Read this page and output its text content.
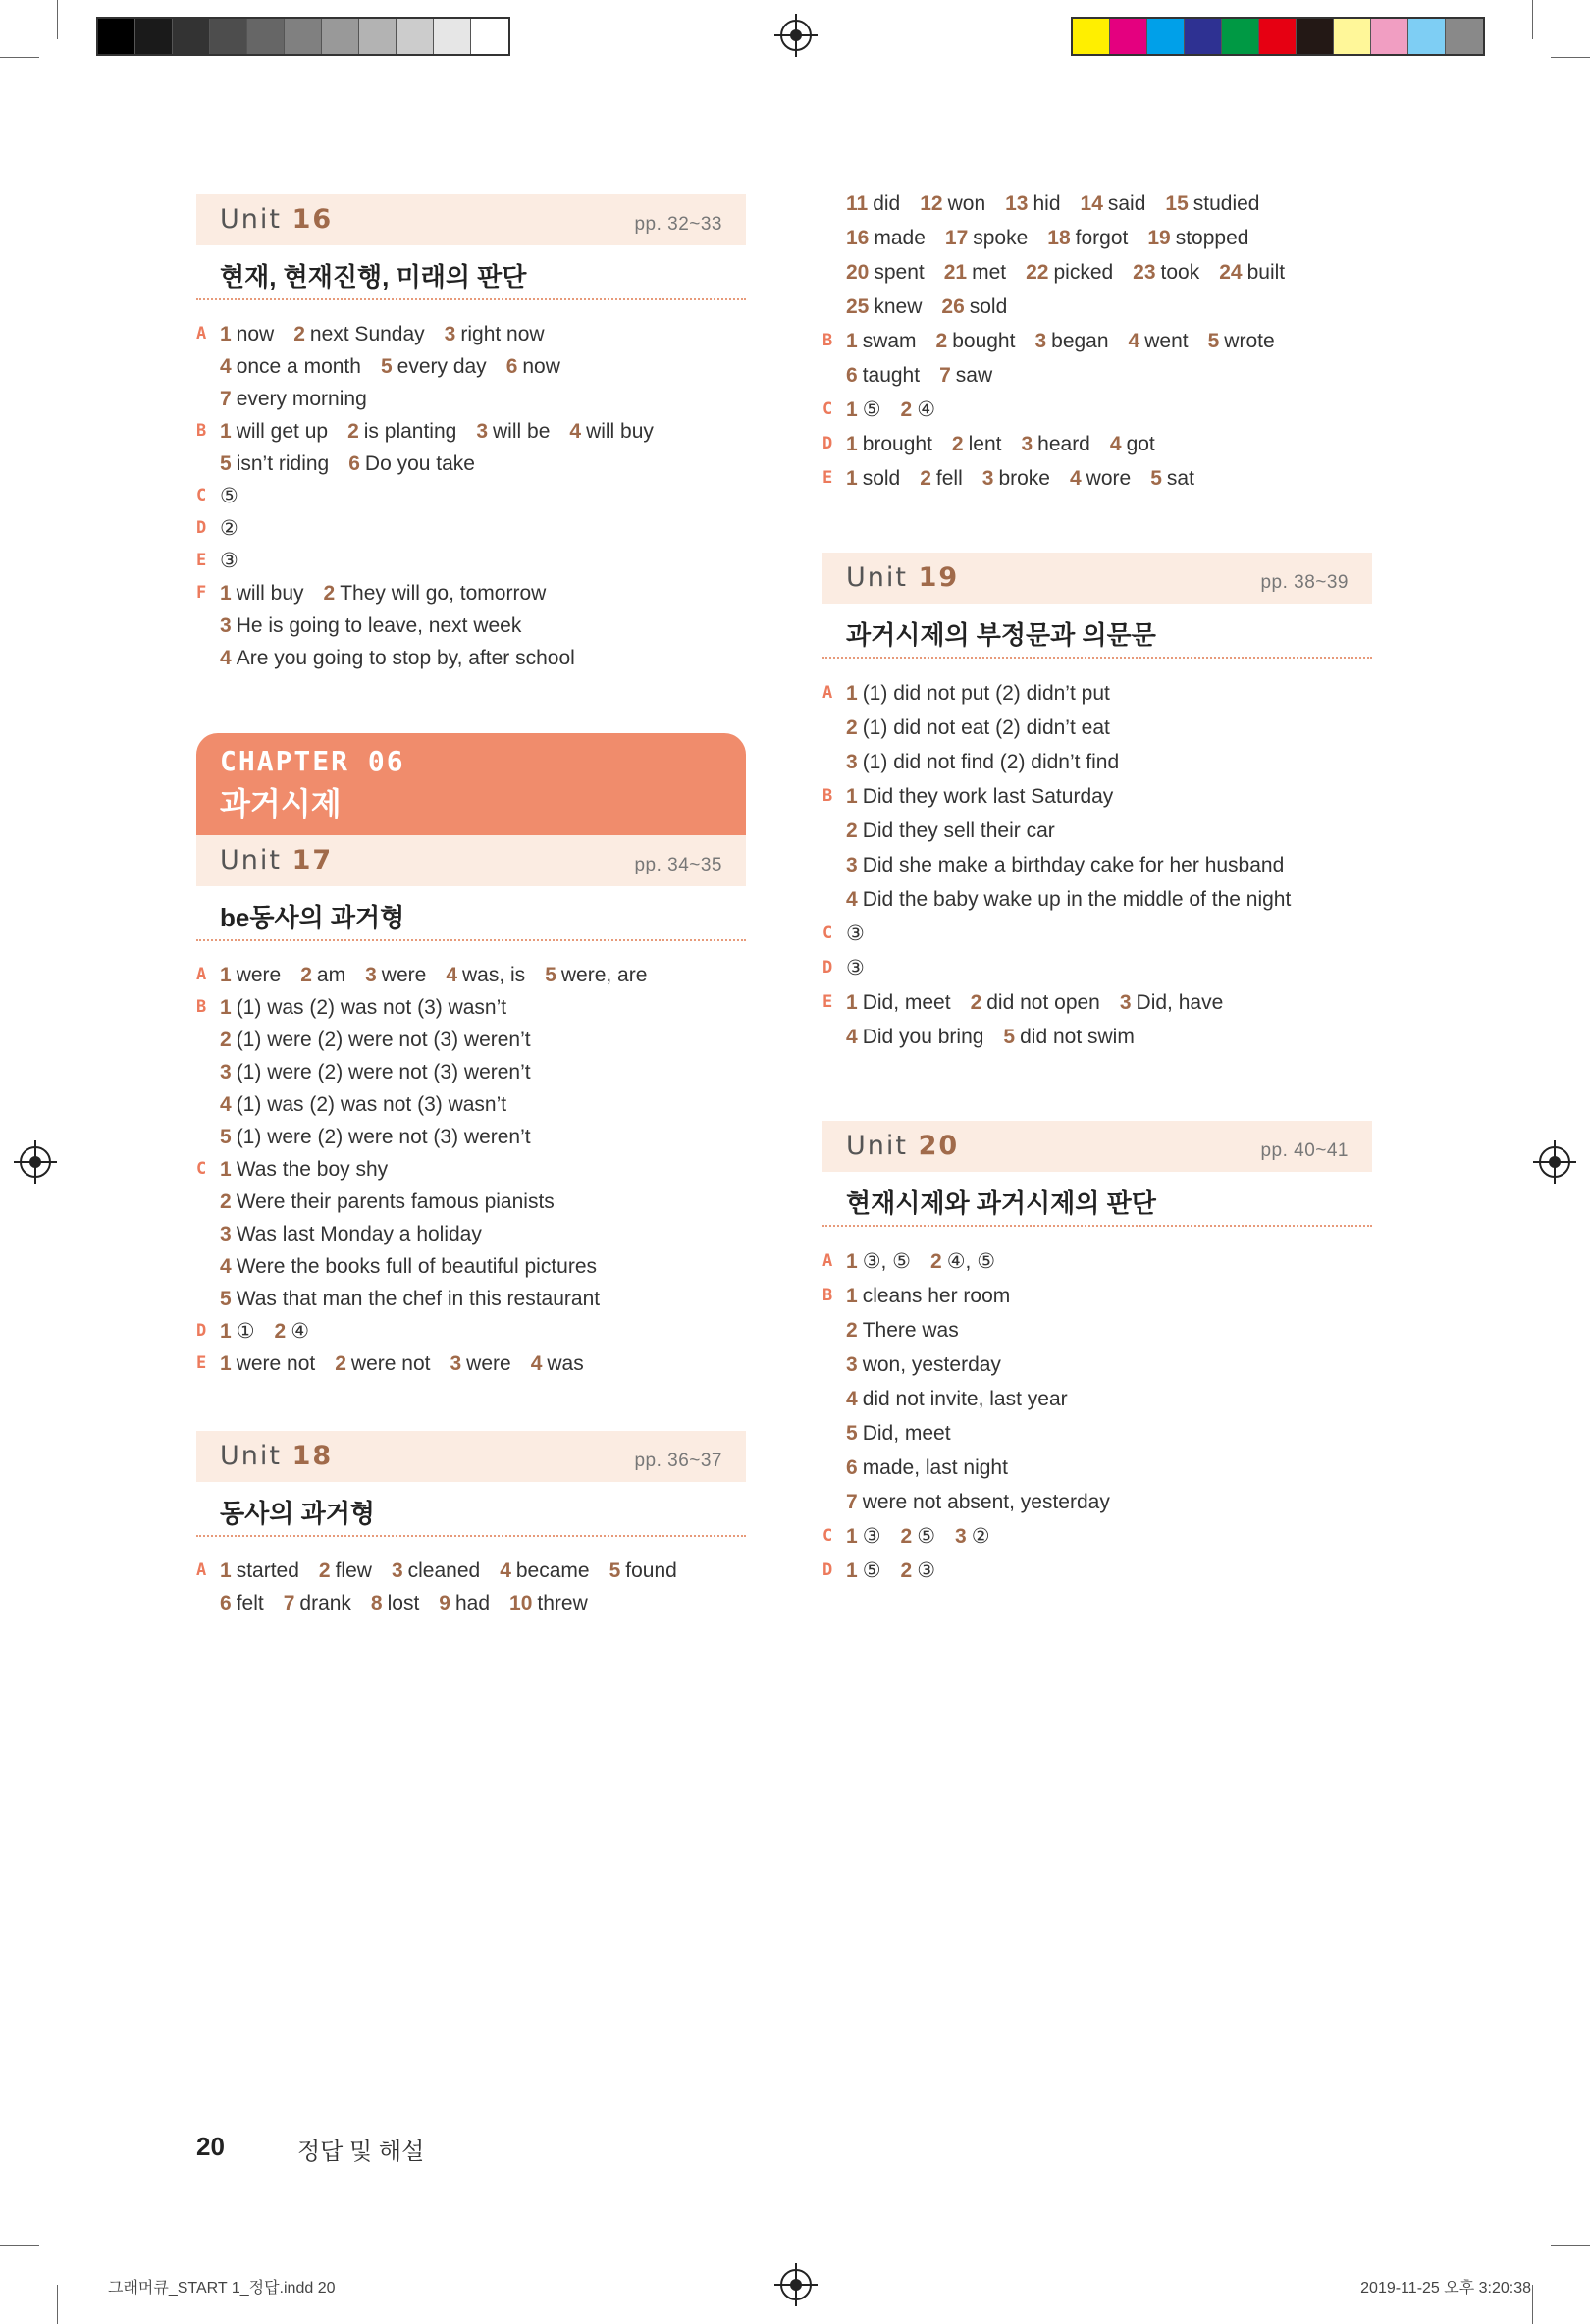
Unit 16	pp. 32~33
현재, 현재진행, 미래의 판단
A 1 now 2 next Sunday 3 right now
4 once a month 5 every day 6 now
7 every morning
B 1 will get up 2 is planting 3 will be 4 will buy
5 isn’t riding 6 Do you take
C ⑤
D ②
E ③
F 1 will buy 2 They will go, tomorrow
3 He is going to leave, next week
4 Are you going to stop by, after school
CHAPTER 06
과거시제
Unit 17	pp. 34~35
be동사의 과거형
A 1 were 2 am 3 were 4 was, is 5 were, are
B 1 (1) was (2) was not (3) wasn’t
2 (1) were (2) were not (3) weren’t
3 (1) were (2) were not (3) weren’t
4 (1) was (2) was not (3) wasn’t
5 (1) were (2) were not (3) weren’t
C 1 Was the boy shy
2 Were their parents famous pianists
3 Was last Monday a holiday
4 Were the books full of beautiful pictures
5 Was that man the chef in this restaurant
D 1 ① 2 ④
E 1 were not 2 were not 3 were 4 was
Unit 18	pp. 36~37
동사의 과거형
A 1 started 2 flew 3 cleaned 4 became 5 found
6 felt 7 drank 8 lost 9 had 10 threw
11 did 12 won 13 hid 14 said 15 studied
16 made 17 spoke 18 forgot 19 stopped
20 spent 21 met 22 picked 23 took 24 built
25 knew 26 sold
B 1 swam 2 bought 3 began 4 went 5 wrote
6 taught 7 saw
C 1 ⑤ 2 ④
D 1 brought 2 lent 3 heard 4 got
E 1 sold 2 fell 3 broke 4 wore 5 sat
Unit 19	pp. 38~39
과거시제의 부정문과 의문문
A 1 (1) did not put (2) didn’t put
2 (1) did not eat (2) didn’t eat
3 (1) did not find (2) didn’t find
B 1 Did they work last Saturday
2 Did they sell their car
3 Did she make a birthday cake for her husband
4 Did the baby wake up in the middle of the night
C ③
D ③
E 1 Did, meet 2 did not open 3 Did, have
4 Did you bring 5 did not swim
Unit 20	pp. 40~41
현재시제와 과거시제의 판단
A 1 ③, ⑤ 2 ④, ⑤
B 1 cleans her room
2 There was
3 won, yesterday
4 did not invite, last year
5 Did, meet
6 made, last night
7 were not absent, yesterday
C 1 ③ 2 ⑤ 3 ②
D 1 ⑤ 2 ③
20	정답 및 해설
그래머큐_START 1_정답.indd 20	2019-11-25 오후 3:20:38
